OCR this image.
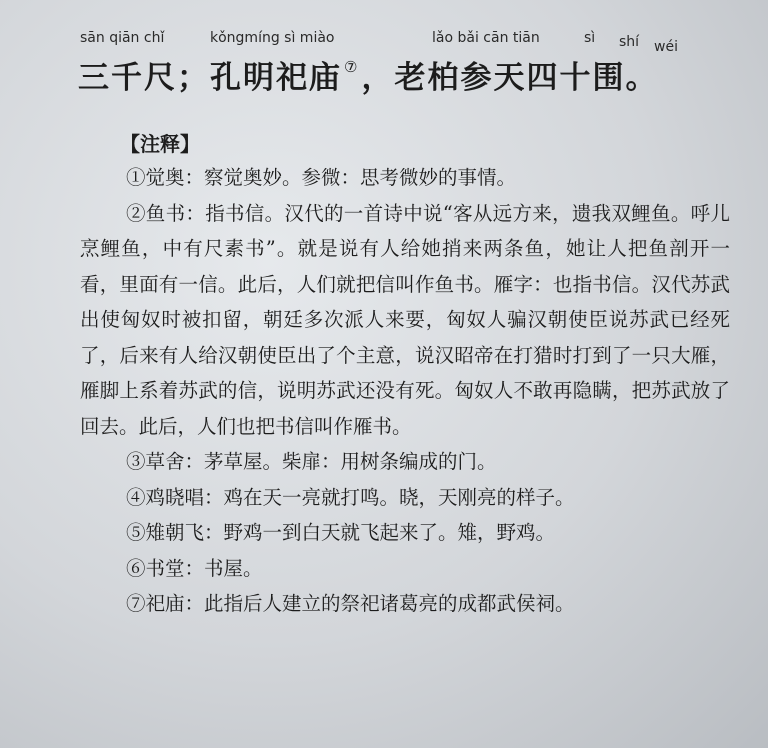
sān qiān chǐ	kǒngmíng sì miào	lǎo bǎi cān tiān	sì shí wéi
三千尺；孔明祀庙 ⑦，老柏参天四十围。
【注释】

①觉奥：察觉奥妙。参微：思考微妙的事情。

②鱼书：指书信。汉代的一首诗中说“客从远方来，遗我双鲤鱼。呼儿烹鲤鱼，中有尺素书”。就是说有人给她捎来两条鱼，她让人把鱼剖开一看，里面有一信。此后，人们就把信叫作鱼书。雁字：也指书信。汉代苏武出使匈奴时被扣留，朝廷多次派人来要，匈奴人骗汉朝使臣说苏武已经死了，后来有人给汉朝使臣出了个主意，说汉昭帝在打猎时打到了一只大雁，雁脚上系着苏武的信，说明苏武还没有死。匈奴人不敢再隐瞒，把苏武放了回去。此后，人们也把书信叫作雁书。

③草舍：茅草屋。柴扉：用树条编成的门。

④鸡晓唱：鸡在天一亮就打鸣。晓，天刚亮的样子。

⑤雉朝飞：野鸡一到白天就飞起来了。雉，野鸡。

⑥书堂：书屋。

⑦祀庙：此指后人建立的祭祀诸葛亮的成都武侯祠。
